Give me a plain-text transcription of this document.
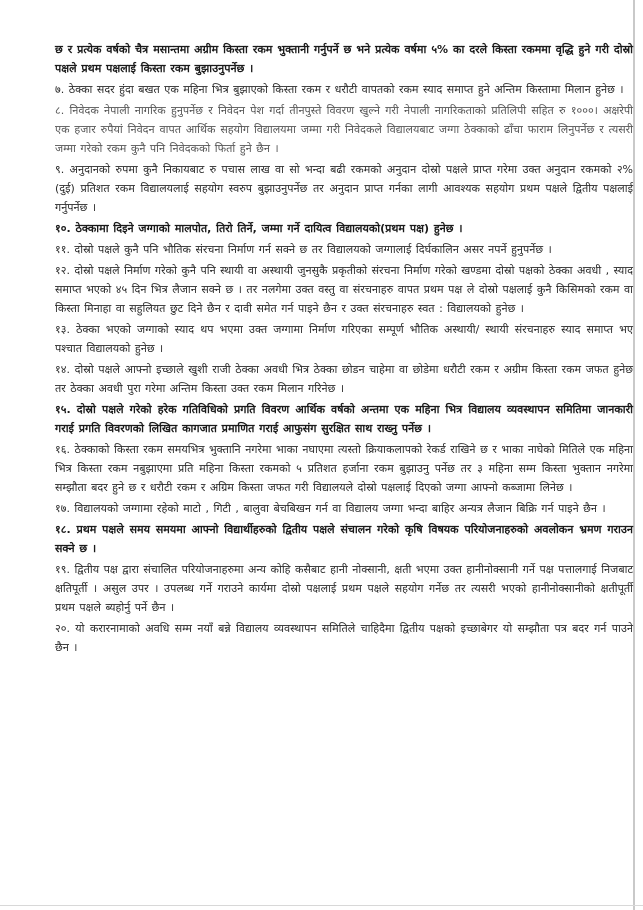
छ र प्रत्येक वर्षको चैत्र मसान्तमा अग्रीम किस्ता रकम भुक्तानी गर्नुपर्ने छ भने प्रत्येक वर्षमा ५% का दरले किस्ता रकममा वृद्धि हुने गरी दोस्रो पक्षले प्रथम पक्षलाई किस्ता रकम बुझाउनुपर्नेछ ।

७. ठेक्का सदर हुंदा बखत एक महिना भित्र बुझाएको किस्ता रकम र धरौटी वापतको रकम स्याद समाप्त हुने अन्तिम किस्तामा मिलान हुनेछ ।

८. निवेदक नेपाली नागरिक हुनुपर्नेछ र निवेदन पेश गर्दा तीनपुस्ते विवरण खुल्ने गरी नेपाली नागरिकताको प्रतिलिपी सहित रु १०००। अक्षरेपी एक हजार रुपैयां निवेदन वापत आर्थिक सहयोग विद्यालयमा जम्मा गरी निवेदकले विद्यालयबाट जग्गा ठेक्काको ढाँचा फाराम लिनुपर्नेछ र त्यसरी जम्मा गरेको रकम कुनै पनि निवेदकको फिर्ता हुने छैन ।

९. अनुदानको रुपमा कुनै निकायबाट रु पचास लाख वा सो भन्दा बढी रकमको अनुदान दोस्रो पक्षले प्राप्त गरेमा उक्त अनुदान रकमको २% (दुई) प्रतिशत रकम विद्यालयलाई सहयोग स्वरुप बुझाउनुपर्नेछ तर अनुदान प्राप्त गर्नका लागी आवश्यक सहयोग प्रथम पक्षले द्वितीय पक्षलाई गर्नुपर्नेछ ।

१०. ठेक्कामा दिइने जग्गाको मालपोत, तिरो तिर्ने, जम्मा गर्ने दायित्व विद्यालयको(प्रथम पक्ष) हुनेछ ।

११. दोस्रो पक्षले कुनै पनि भौतिक संरचना निर्माण गर्न सक्ने छ तर विद्यालयको जग्गालाई दिर्घकालिन असर नपर्ने हुनुपर्नेछ ।

१२. दोस्रो पक्षले निर्माण गरेको कुनै पनि स्थायी वा अस्थायी जुनसुकै प्रकृतीको संरचना निर्माण गरेको खण्डमा दोस्रो पक्षको ठेक्का अवधी , स्याद समाप्त भएको ४५ दिन भित्र लैजान सक्ने छ । तर नलगेमा उक्त वस्तु वा संरचनाहरु वापत प्रथम पक्ष ले दोस्रो पक्षलाई कुनै किसिमको रकम वा किस्ता मिनाहा वा सहुलियत छुट दिने छैन र दावी समेत गर्न पाइने छैन र उक्त संरचनाहरु स्वत : विद्यालयको हुनेछ ।

१३. ठेक्का भएको जग्गाको स्याद थप भएमा उक्त जग्गामा निर्माण गरिएका सम्पूर्ण भौतिक अस्थायी/ स्थायी संरचनाहरु स्याद समाप्त भए पश्चात विद्यालयको हुनेछ ।

१४. दोस्रो पक्षले आफ्नो इच्छाले खुशी राजी ठेक्का अवधी भित्र ठेक्का छोडन चाहेमा वा छोडेमा धरौटी रकम र अग्रीम किस्ता रकम जफत हुनेछ तर ठेक्का अवधी पुरा गरेमा अन्तिम किस्ता उक्त रकम मिलान गरिनेछ ।

१५. दोस्रो पक्षले गरेको हरेक गतिविधिको प्रगति विवरण आर्थिक वर्षको अन्तमा एक महिना भित्र विद्यालय व्यवस्थापन समितिमा जानकारी गराई प्रगति विवरणको लिखित कागजात प्रमाणित गराई आफुसंग सुरक्षित साथ राख्नु पर्नेछ ।

१६. ठेक्काको किस्ता रकम समयभित्र भुक्तानि नगरेमा भाका नघाएमा त्यस्तो क्रियाकलापको रेकर्ड राखिने छ र भाका नाघेको मितिले एक महिना भित्र किस्ता रकम नबुझाएमा प्रति महिना किस्ता रकमको ५ प्रतिशत हर्जाना रकम बुझाउनु पर्नेछ तर ३ महिना सम्म किस्ता भुक्तान नगरेमा सम्झौता बदर हुने छ र धरौटी रकम र अग्रिम किस्ता जफत गरी विद्यालयले दोस्रो पक्षलाई दिएको जग्गा आफ्नो कब्जामा लिनेछ ।

१७. विद्यालयको जग्गामा रहेको माटो , गिटी , बालुवा बेचबिखन गर्न वा विद्यालय जग्गा भन्दा बाहिर अन्यत्र लैजान बिक्रि गर्न पाइने छैन ।

१८. प्रथम पक्षले समय समयमा आफ्नो विद्यार्थीहरुको द्वितीय पक्षले संचालन गरेको कृषि विषयक परियोजनाहरुको अवलोकन भ्रमण गराउन सक्ने छ ।

१९. द्वितीय पक्ष द्वारा संचालित परियोजनाहरुमा अन्य कोहि कसैबाट हानी नोक्सानी, क्षती भएमा उक्त हानीनोक्सानी गर्ने पक्ष पत्तालगाई निजबाट क्षतिपूर्ती । असुल उपर । उपलब्ध गर्ने गराउने कार्यमा दोस्रो पक्षलाई प्रथम पक्षले सहयोग गर्नेछ तर त्यसरी भएको हानीनोक्सानीको क्षतीपूर्ती प्रथम पक्षले ब्यहोर्नु पर्ने छैन ।

२०. यो करारनामाको अवधि सम्म नयाँ बन्ने विद्यालय व्यवस्थापन समितिले चाहिदैमा द्वितीय पक्षको इच्छाबेगर यो सम्झौता पत्र बदर गर्न पाउने छैन ।
